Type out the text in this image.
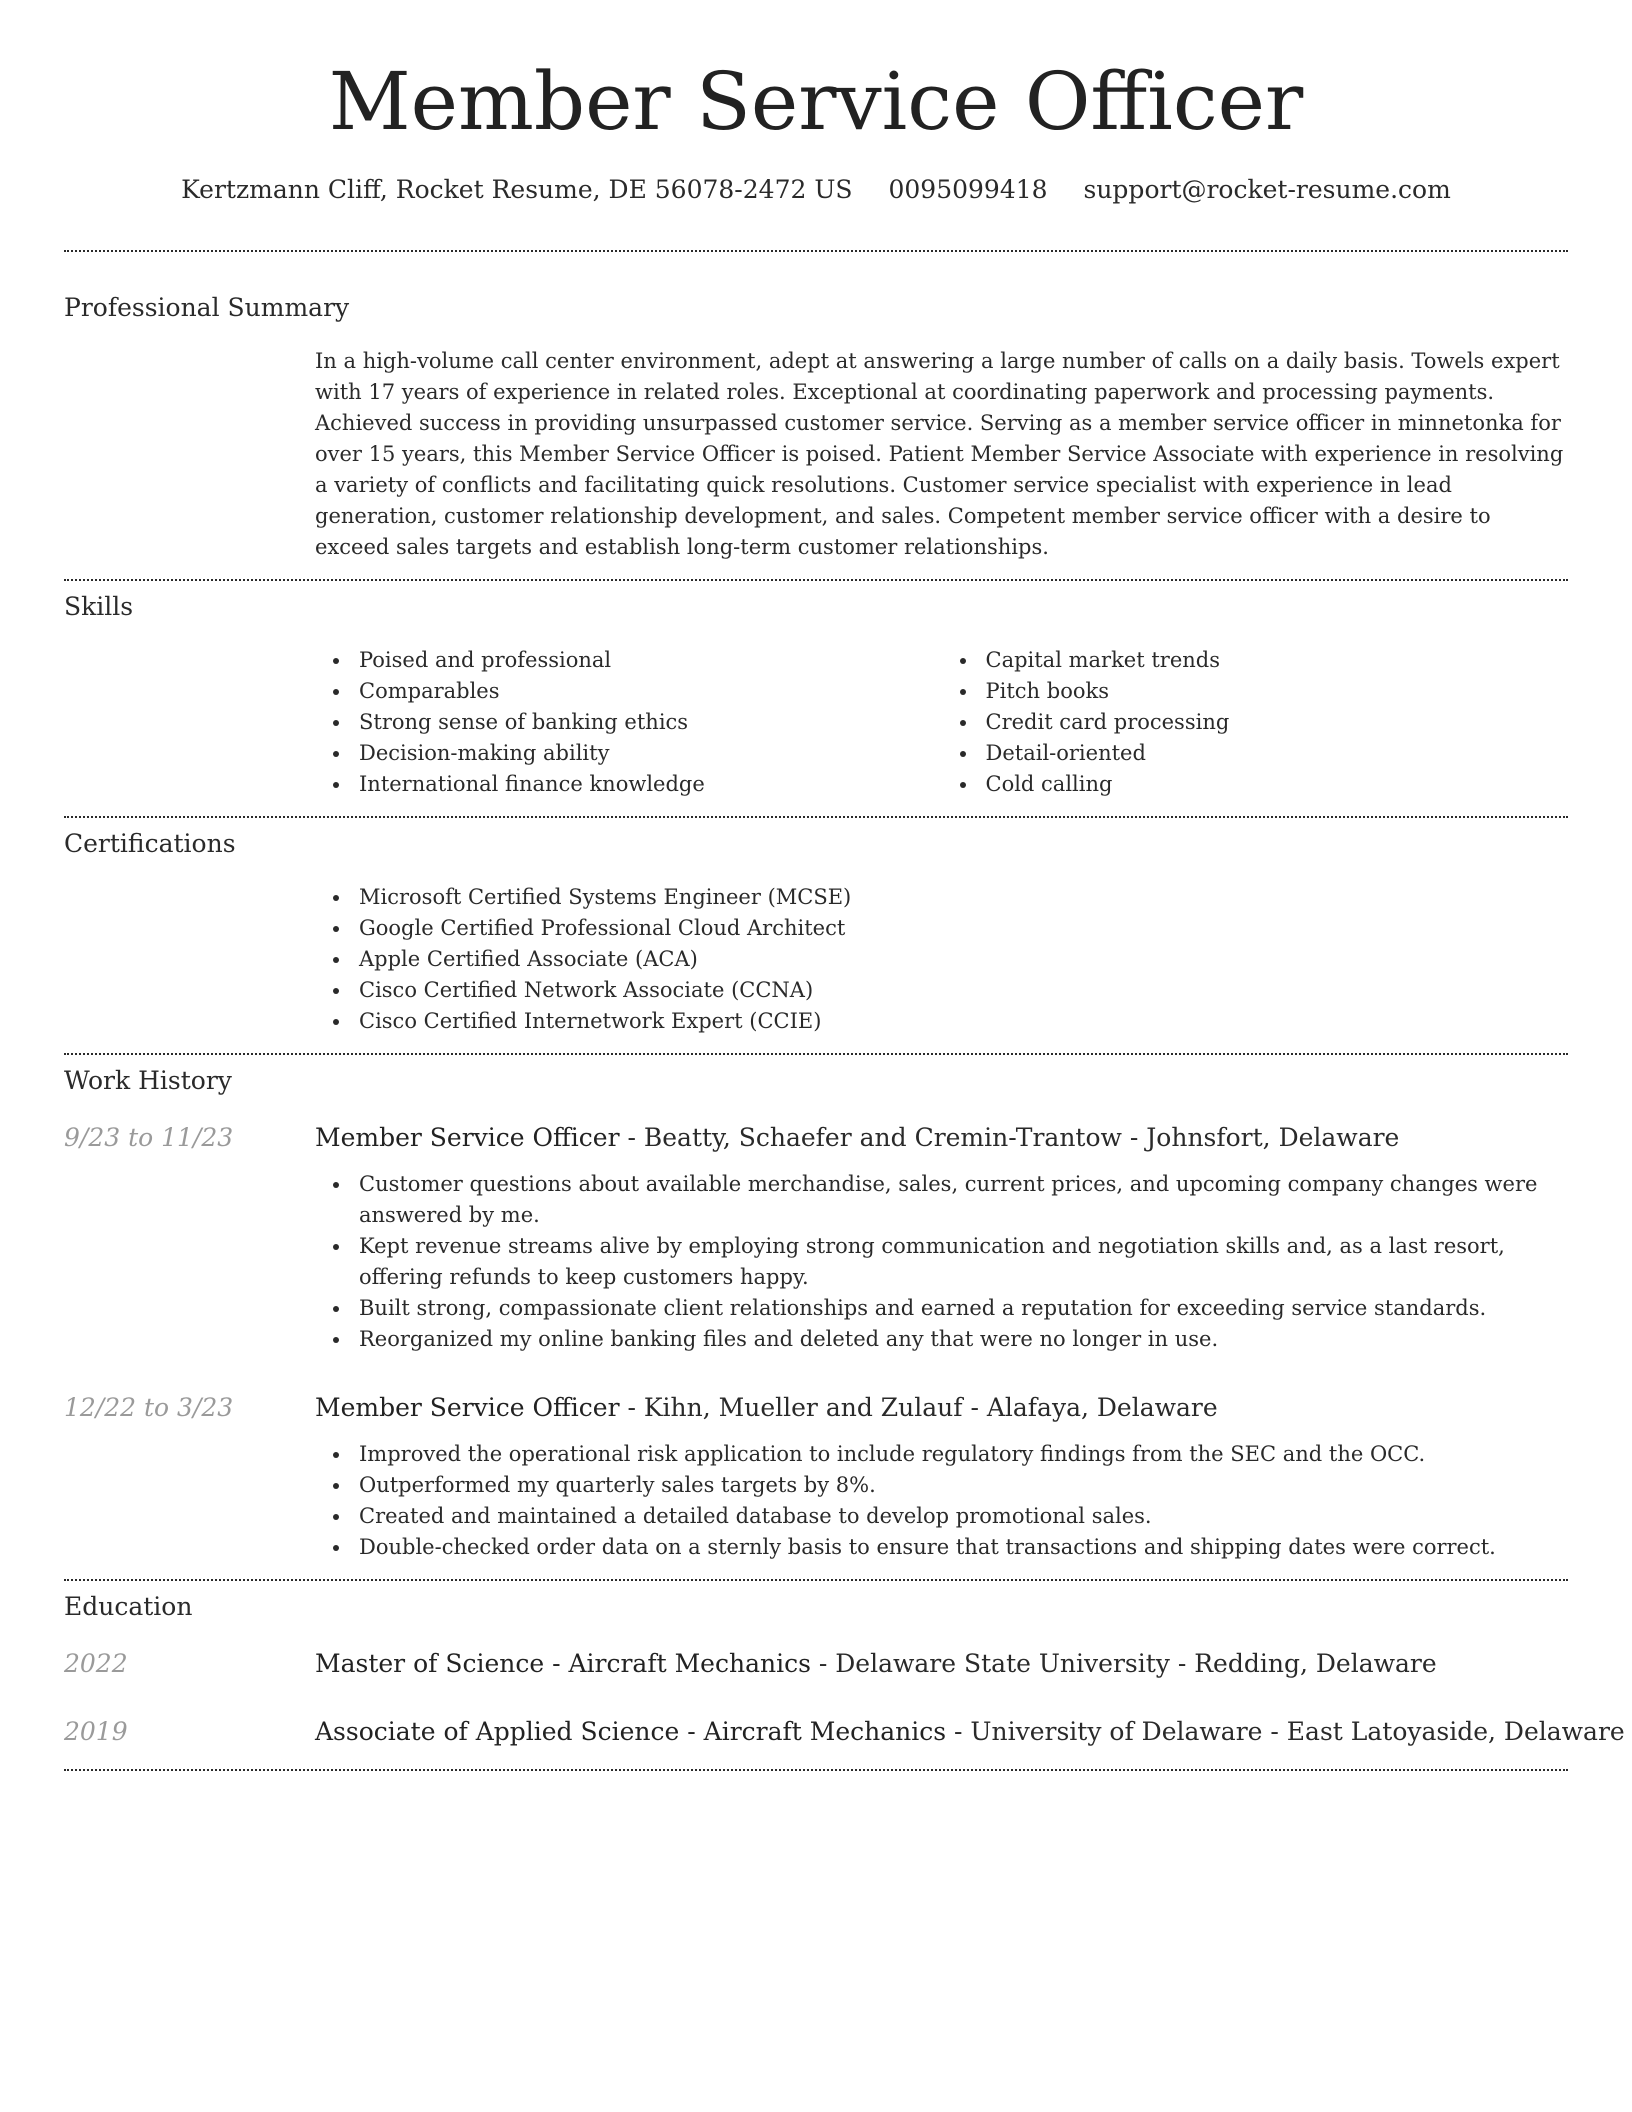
Member Service Officer
Kertzmann Cliff, Rocket Resume, DE 56078-2472 US 0095099418 support@rocket-resume.com
Professional Summary

In a high-volume call center environment, adept at answering a large number of calls on a daily basis. Towels expert with 17 years of experience in related roles. Exceptional at coordinating paperwork and processing payments. Achieved success in providing unsurpassed customer service. Serving as a member service officer in minnetonka for over 15 years, this Member Service Officer is poised. Patient Member Service Associate with experience in resolving a variety of conflicts and facilitating quick resolutions. Customer service specialist with experience in lead generation, customer relationship development, and sales. Competent member service officer with a desire to exceed sales targets and establish long-term customer relationships.

Skills
Poised and professional
Comparables
Strong sense of banking ethics
Decision-making ability
International finance knowledge
Capital market trends
Pitch books
Credit card processing
Detail-oriented
Cold calling
Certifications
Microsoft Certified Systems Engineer (MCSE)
Google Certified Professional Cloud Architect
Apple Certified Associate (ACA)
Cisco Certified Network Associate (CCNA)
Cisco Certified Internetwork Expert (CCIE)
Work History
9/23 to 11/23	Member Service Officer - Beatty, Schaefer and Cremin-Trantow - Johnsfort, Delaware
Customer questions about available merchandise, sales, current prices, and upcoming company changes were answered by me.
Kept revenue streams alive by employing strong communication and negotiation skills and, as a last resort, offering refunds to keep customers happy.
Built strong, compassionate client relationships and earned a reputation for exceeding service standards.
Reorganized my online banking files and deleted any that were no longer in use.
12/22 to 3/23	Member Service Officer - Kihn, Mueller and Zulauf - Alafaya, Delaware
Improved the operational risk application to include regulatory findings from the SEC and the OCC.
Outperformed my quarterly sales targets by 8%.
Created and maintained a detailed database to develop promotional sales.
Double-checked order data on a sternly basis to ensure that transactions and shipping dates were correct.
Education
2022	Master of Science - Aircraft Mechanics - Delaware State University - Redding, Delaware
2019	Associate of Applied Science - Aircraft Mechanics - University of Delaware - East Latoyaside, Delaware
